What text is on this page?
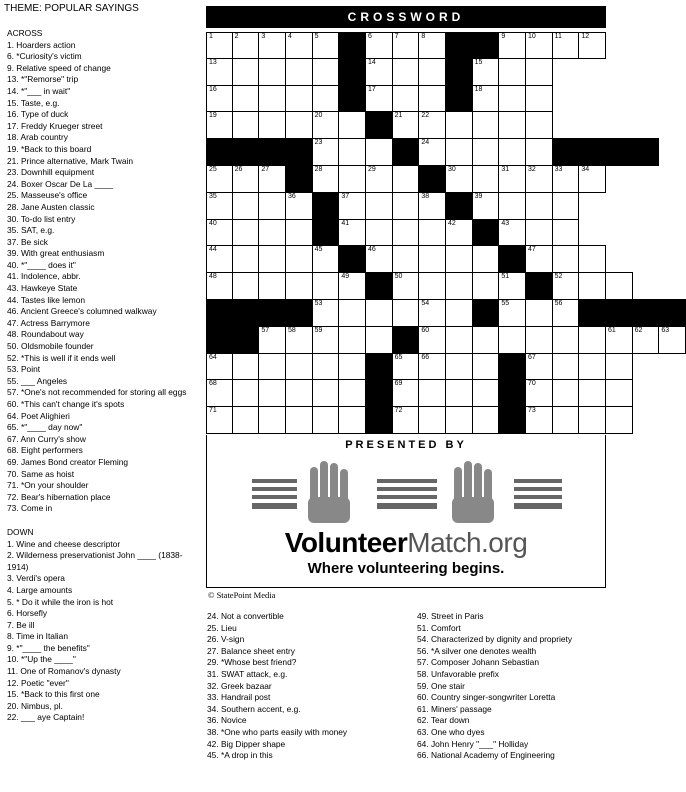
THEME: POPULAR SAYINGS
ACROSS
1. Hoarders action
6. *Curiosity's victim
9. Relative speed of change
13. *"Remorse" trip
14. *"___ in wait"
15. Taste, e.g.
16. Type of duck
17. Freddy Krueger street
18. Arab country
19. *Back to this board
21. Prince alternative, Mark Twain
23. Downhill equipment
24. Boxer Oscar De La ____
25. Masseuse's office
28. Jane Austen classic
30. To-do list entry
35. SAT, e.g.
37. Be sick
39. With great enthusiasm
40. *"____ does it"
41. Indolence, abbr.
43. Hawkeye State
44. Tastes like lemon
46. Ancient Greece's columned walkway
47. Actress Barrymore
48. Roundabout way
50. Oldsmobile founder
52. *This is well if it ends well
53. Point
55. ___ Angeles
57. *One's not recommended for storing all eggs
60. *This can't change it's spots
64. Poet Alighieri
65. *"____ day now"
67. Ann Curry's show
68. Eight performers
69. James Bond creator Fleming
70. Same as hoist
71. *On your shoulder
72. Bear's hibernation place
73. Come in
DOWN
1. Wine and cheese descriptor
2. Wilderness preservationist John ____ (1838-1914)
3. Verdi's opera
4. Large amounts
5. * Do it while the iron is hot
6. Horsefly
7. Be ill
8. Time in Italian
9. *"____ the benefits"
10. *"Up the ____"
11. One of Romanov's dynasty
12. Poetic "ever"
15. *Back to this first one
20. Nimbus, pl.
22. ___ aye Captain!
24. Not a convertible
25. Lieu
26. V-sign
27. Balance sheet entry
29. *Whose best friend?
31. SWAT attack, e.g.
32. Greek bazaar
33. Handrail post
34. Southern accent, e.g.
36. Novice
38. *One who parts easily with money
42. Big Dipper shape
45. *A drop in this
49. Street in Paris
51. Comfort
54. Characterized by dignity and propriety
56. *A silver one denotes wealth
57. Composer Johann Sebastian
58. Unfavorable prefix
59. One stair
60. Country singer-songwriter Loretta
61. Miners' passage
62. Tear down
63. One who dyes
64. John Henry "___" Holliday
66. National Academy of Engineering
CROSSWORD
1	2	3	4	5	6	7	8	9	10	11	12
13	14	15
16	17	18
19	20	21	22
23	24
25	26	27	28	29	30	31	32	33	34
35	36	37	38	39
40	41	42	43
44	45	46	47
48	49	50	51	52
53	54	55	56
57	58	59	60	61	62	63
64	65	66	67
68	69	70
71	72	73
PRESENTED BY
VolunteerMatch.org
Where volunteering begins.
© StatePoint Media
